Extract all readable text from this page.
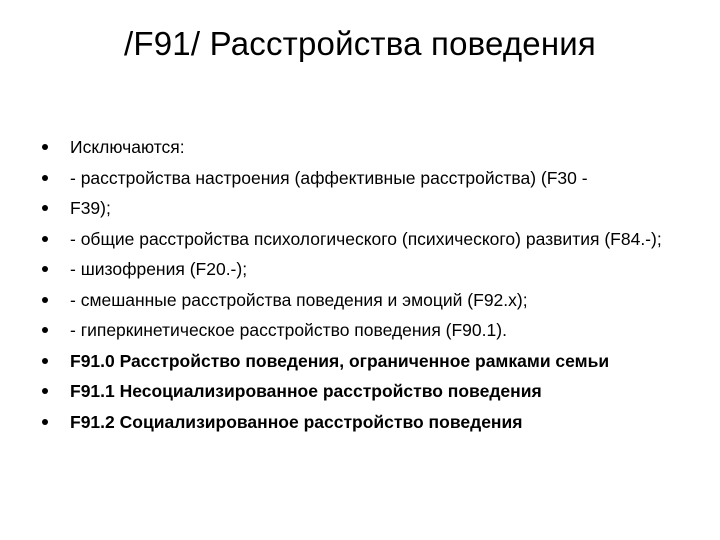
/F91/ Расстройства поведения
Исключаются:
- расстройства настроения (аффективные расстройства) (F30 -
F39);
- общие расстройства психологического (психического) развития (F84.-);
- шизофрения (F20.-);
- смешанные расстройства поведения и эмоций (F92.x);
- гиперкинетическое расстройство поведения (F90.1).
F91.0 Расстройство поведения, ограниченное рамками семьи
F91.1 Несоциализированное расстройство поведения
F91.2 Социализированное расстройство поведения
